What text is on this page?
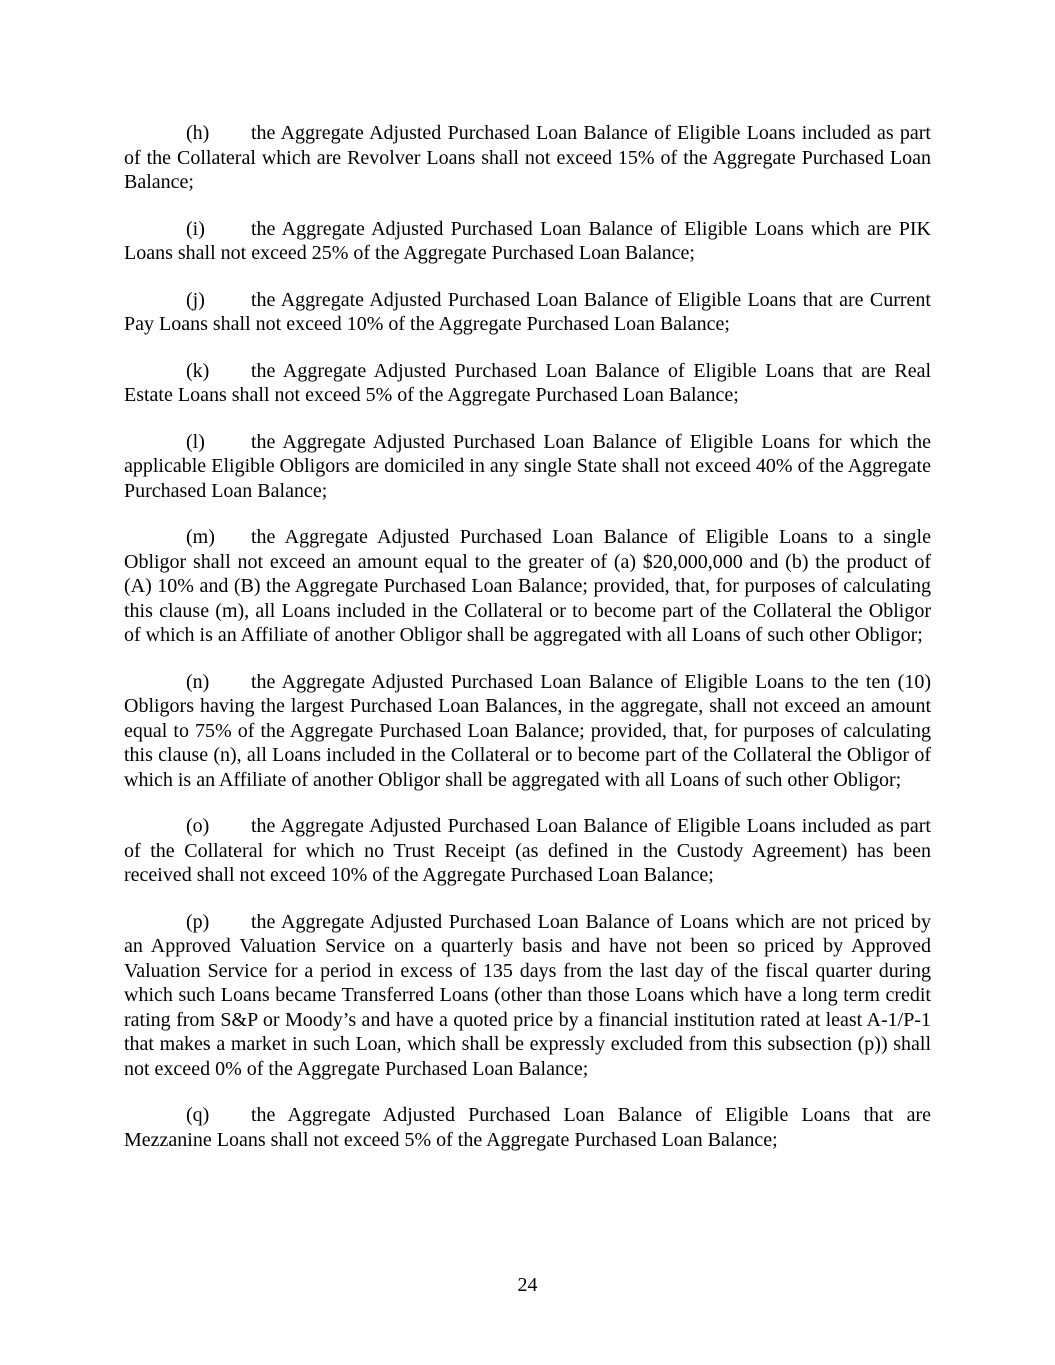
(h) the Aggregate Adjusted Purchased Loan Balance of Eligible Loans included as part of the Collateral which are Revolver Loans shall not exceed 15% of the Aggregate Purchased Loan Balance;

(i) the Aggregate Adjusted Purchased Loan Balance of Eligible Loans which are PIK Loans shall not exceed 25% of the Aggregate Purchased Loan Balance;

(j) the Aggregate Adjusted Purchased Loan Balance of Eligible Loans that are Current Pay Loans shall not exceed 10% of the Aggregate Purchased Loan Balance;

(k) the Aggregate Adjusted Purchased Loan Balance of Eligible Loans that are Real Estate Loans shall not exceed 5% of the Aggregate Purchased Loan Balance;

(l) the Aggregate Adjusted Purchased Loan Balance of Eligible Loans for which the applicable Eligible Obligors are domiciled in any single State shall not exceed 40% of the Aggregate Purchased Loan Balance;

(m) the Aggregate Adjusted Purchased Loan Balance of Eligible Loans to a single Obligor shall not exceed an amount equal to the greater of (a) $20,000,000 and (b) the product of (A) 10% and (B) the Aggregate Purchased Loan Balance; provided, that, for purposes of calculating this clause (m), all Loans included in the Collateral or to become part of the Collateral the Obligor of which is an Affiliate of another Obligor shall be aggregated with all Loans of such other Obligor;

(n) the Aggregate Adjusted Purchased Loan Balance of Eligible Loans to the ten (10) Obligors having the largest Purchased Loan Balances, in the aggregate, shall not exceed an amount equal to 75% of the Aggregate Purchased Loan Balance; provided, that, for purposes of calculating this clause (n), all Loans included in the Collateral or to become part of the Collateral the Obligor of which is an Affiliate of another Obligor shall be aggregated with all Loans of such other Obligor;

(o) the Aggregate Adjusted Purchased Loan Balance of Eligible Loans included as part of the Collateral for which no Trust Receipt (as defined in the Custody Agreement) has been received shall not exceed 10% of the Aggregate Purchased Loan Balance;

(p) the Aggregate Adjusted Purchased Loan Balance of Loans which are not priced by an Approved Valuation Service on a quarterly basis and have not been so priced by Approved Valuation Service for a period in excess of 135 days from the last day of the fiscal quarter during which such Loans became Transferred Loans (other than those Loans which have a long term credit rating from S&P or Moody’s and have a quoted price by a financial institution rated at least A-1/P-1 that makes a market in such Loan, which shall be expressly excluded from this subsection (p)) shall not exceed 0% of the Aggregate Purchased Loan Balance;

(q) the Aggregate Adjusted Purchased Loan Balance of Eligible Loans that are Mezzanine Loans shall not exceed 5% of the Aggregate Purchased Loan Balance;

24
